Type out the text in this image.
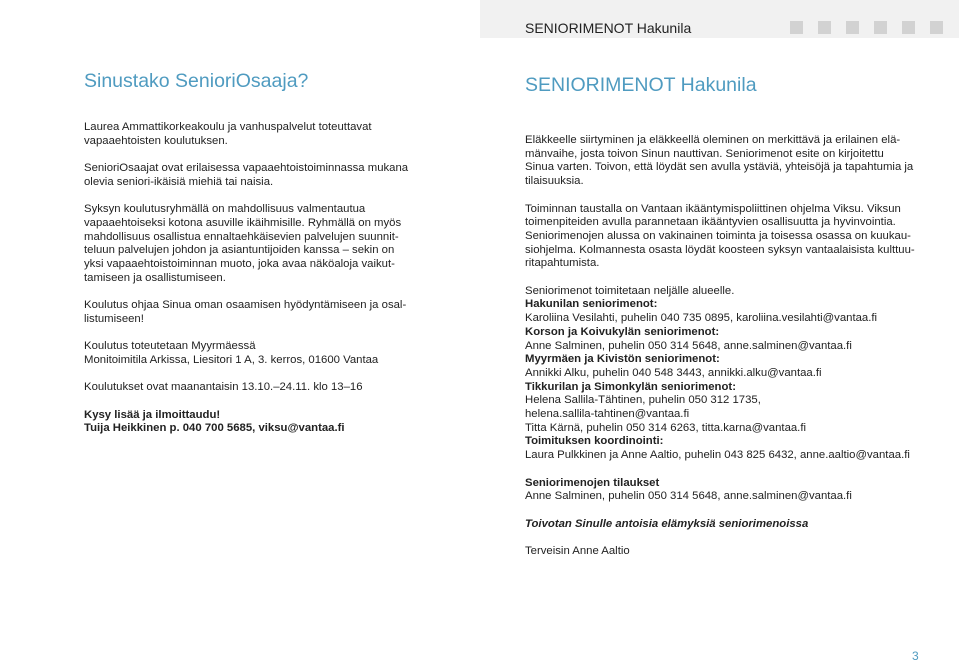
SENIORIMENOT Hakunila
Sinustako SenioriOsaaja?	SENIORIMENOT Hakunila

Laurea Ammattikorkeakoulu ja vanhuspalvelut toteuttavat
vapaaehtoisten koulutuksen.

SenioriOsaajat ovat erilaisessa vapaaehtoistoiminnassa mukana
olevia seniori-ikäisiä miehiä tai naisia.

Syksyn koulutusryhmällä on mahdollisuus valmentautua
vapaaehtoiseksi kotona asuville ikäihmisille. Ryhmällä on myös
mahdollisuus osallistua ennaltaehkäisevien palvelujen suunnit-
teluun palvelujen johdon ja asiantuntijoiden kanssa – sekin on
yksi vapaaehtoistoiminnan muoto, joka avaa näköaloja vaikut-
tamiseen ja osallistumiseen.

Koulutus ohjaa Sinua oman osaamisen hyödyntämiseen ja osal-
listumiseen!

Koulutus toteutetaan Myyrmäessä
Monitoimitila Arkissa, Liesitori 1 A, 3. kerros, 01600 Vantaa

Koulutukset ovat maanantaisin 13.10.–24.11. klo 13–16

Kysy lisää ja ilmoittaudu!
Tuija Heikkinen p. 040 700 5685, viksu@vantaa.fi

Eläkkeelle siirtyminen ja eläkkeellä oleminen on merkittävä ja erilainen elä-
mänvaihe, josta toivon Sinun nauttivan. Seniorimenot esite on kirjoitettu
Sinua varten. Toivon, että löydät sen avulla ystäviä, yhteisöjä ja tapahtumia ja
tilaisuuksia.

Toiminnan taustalla on Vantaan ikääntymispoliittinen ohjelma Viksu. Viksun
toimenpiteiden avulla parannetaan ikääntyvien osallisuutta ja hyvinvointia.
Seniorimenojen alussa on vakinainen toiminta ja toisessa osassa on kuukau-
siohjelma. Kolmannesta osasta löydät koosteen syksyn vantaalaisista kulttuu-
ritapahtumista.

Seniorimenot toimitetaan neljälle alueelle.

Hakunilan seniorimenot:

Karoliina Vesilahti, puhelin 040 735 0895, karoliina.vesilahti@vantaa.fi

Korson ja Koivukylän seniorimenot:

Anne Salminen, puhelin 050 314 5648, anne.salminen@vantaa.fi

Myyrmäen ja Kivistön seniorimenot:

Annikki Alku, puhelin 040 548 3443, annikki.alku@vantaa.fi

Tikkurilan ja Simonkylän seniorimenot:

Helena Sallila-Tähtinen, puhelin 050 312 1735,
helena.sallila-tahtinen@vantaa.fi
Titta Kärnä, puhelin 050 314 6263, titta.karna@vantaa.fi

Toimituksen koordinointi:

Laura Pulkkinen ja Anne Aaltio, puhelin 043 825 6432, anne.aaltio@vantaa.fi

Seniorimenojen tilaukset

Anne Salminen, puhelin 050 314 5648, anne.salminen@vantaa.fi

Toivotan Sinulle antoisia elämyksiä seniorimenoissa

Terveisin Anne Aaltio

3
